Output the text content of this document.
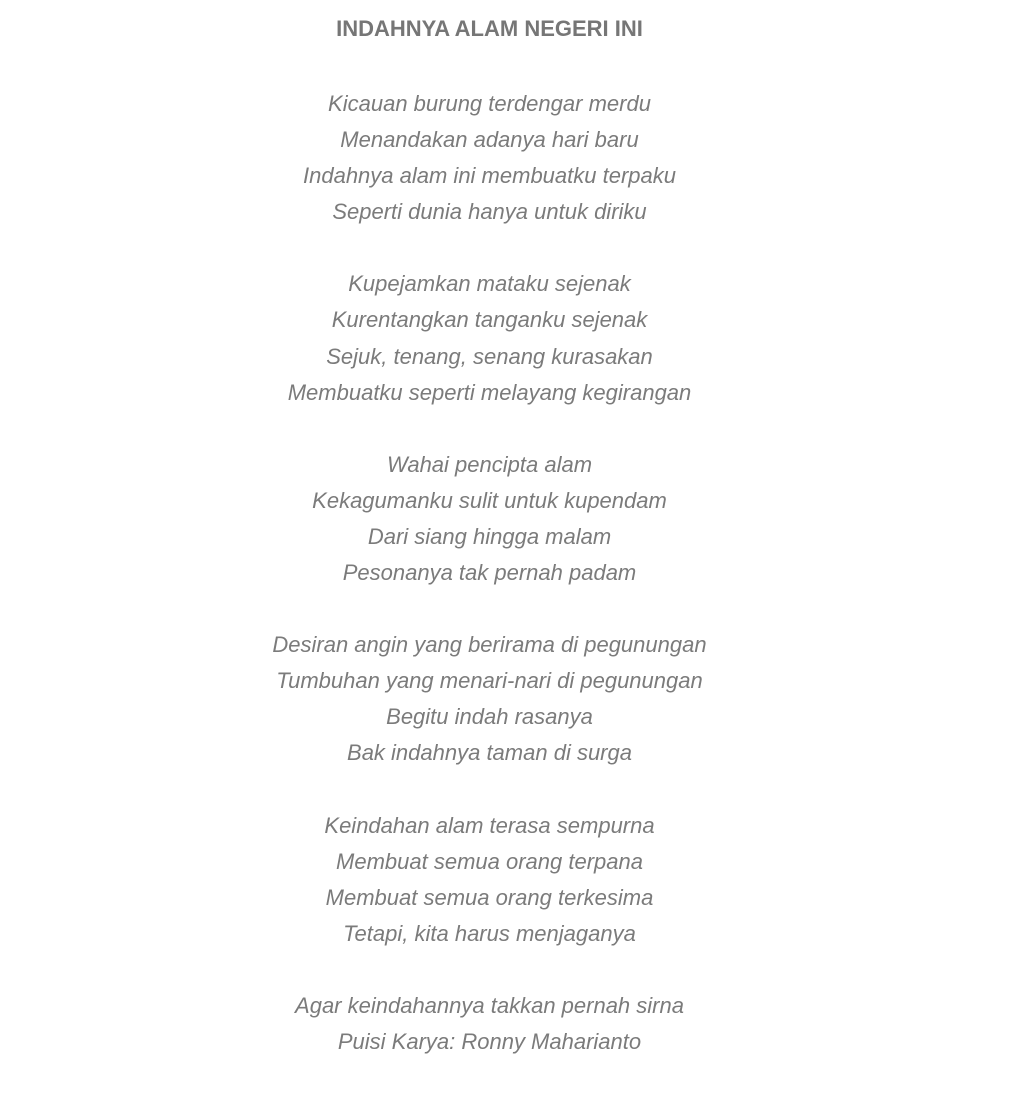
INDAHNYA ALAM NEGERI INI
Kicauan burung terdengar merdu
Menandakan adanya hari baru
Indahnya alam ini membuatku terpaku
Seperti dunia hanya untuk diriku
Kupejamkan mataku sejenak
Kurentangkan tanganku sejenak
Sejuk, tenang, senang kurasakan
Membuatku seperti melayang kegirangan
Wahai pencipta alam
Kekagumanku sulit untuk kupendam
Dari siang hingga malam
Pesonanya tak pernah padam
Desiran angin yang berirama di pegunungan
Tumbuhan yang menari-nari di pegunungan
Begitu indah rasanya
Bak indahnya taman di surga
Keindahan alam terasa sempurna
Membuat semua orang terpana
Membuat semua orang terkesima
Tetapi, kita harus menjaganya
Agar keindahannya takkan pernah sirna
Puisi Karya: Ronny Maharianto
